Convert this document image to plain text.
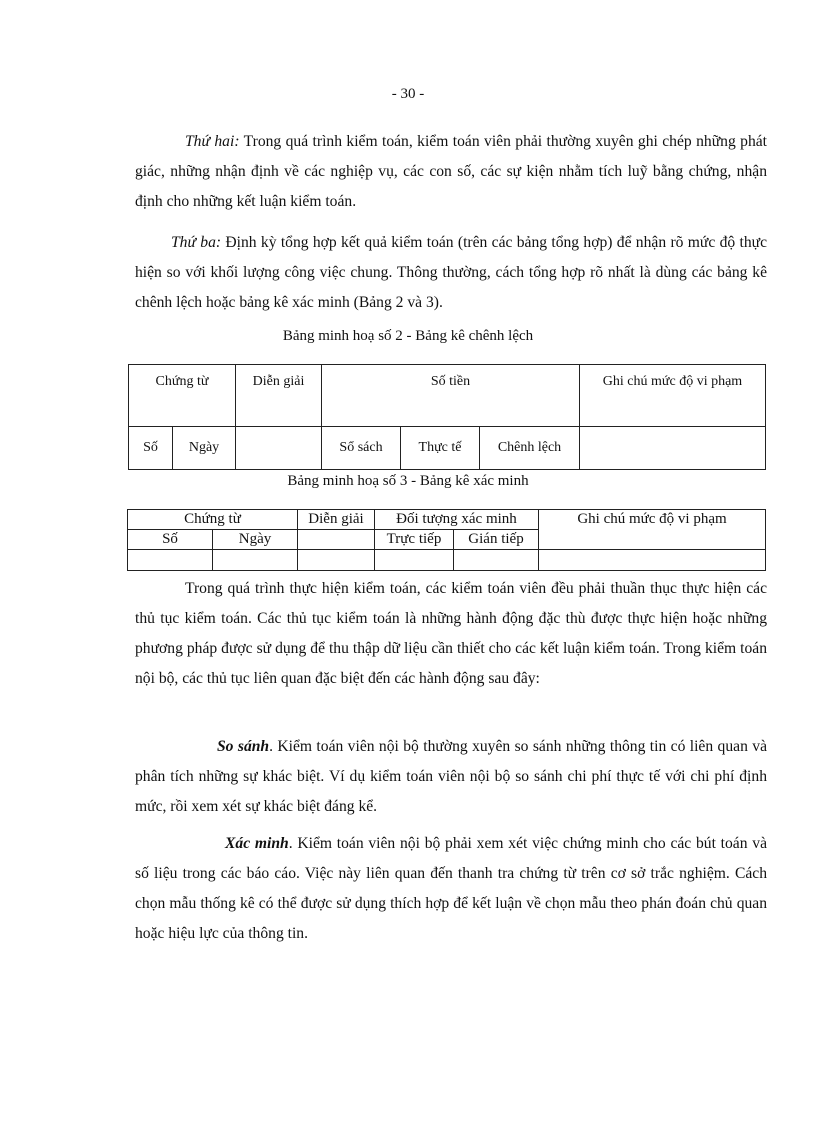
- 30 -

Thứ hai: Trong quá trình kiểm toán, kiểm toán viên phải thường xuyên ghi chép những phát giác, những nhận định về các nghiệp vụ, các con số, các sự kiện nhằm tích luỹ bằng chứng, nhận định cho những kết luận kiểm toán.

Thứ ba: Định kỳ tổng hợp kết quả kiểm toán (trên các bảng tổng hợp) để nhận rõ mức độ thực hiện so với khối lượng công việc chung. Thông thường, cách tổng hợp rõ nhất là dùng các bảng kê chênh lệch hoặc bảng kê xác minh (Bảng 2 và 3).

Bảng minh hoạ số 2 - Bảng kê chênh lệch
Chứng từ		Diễn giải	Số tiền			Ghi chú mức độ vi phạm
Số	Ngày		Sổ sách	Thực tế	Chênh lệch	
Bảng minh hoạ số 3 - Bảng kê xác minh
Chứng từ		Diễn giải	Đối tượng xác minh		Ghi chú mức độ vi phạm
Số	Ngày		Trực tiếp	Gián tiếp	

Trong quá trình thực hiện kiểm toán, các kiểm toán viên đều phải thuần thục thực hiện các thủ tục kiểm toán. Các thủ tục kiểm toán là những hành động đặc thù được thực hiện hoặc những phương pháp được sử dụng để thu thập dữ liệu cần thiết cho các kết luận kiểm toán. Trong kiểm toán nội bộ, các thủ tục liên quan đặc biệt đến các hành động sau đây:

So sánh. Kiểm toán viên nội bộ thường xuyên so sánh những thông tin có liên quan và phân tích những sự khác biệt. Ví dụ kiểm toán viên nội bộ so sánh chi phí thực tế với chi phí định mức, rồi xem xét sự khác biệt đáng kể.

Xác minh. Kiểm toán viên nội bộ phải xem xét việc chứng minh cho các bút toán và số liệu trong các báo cáo. Việc này liên quan đến thanh tra chứng từ trên cơ sở trắc nghiệm. Cách chọn mẫu thống kê có thể được sử dụng thích hợp để kết luận về chọn mẫu theo phán đoán chủ quan hoặc hiệu lực của thông tin.
